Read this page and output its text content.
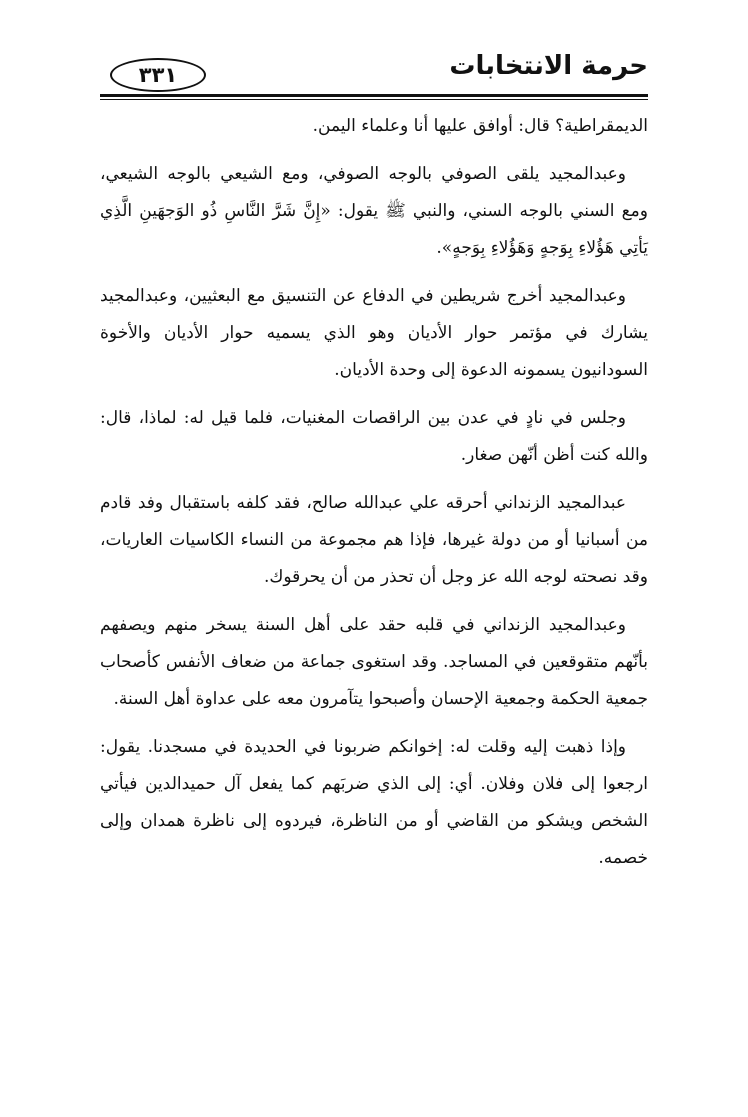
حرمة الانتخابات
٣٣١

الديمقراطية؟ قال: أوافق عليها أنا وعلماء اليمن.

وعبدالمجيد يلقى الصوفي بالوجه الصوفي، ومع الشيعي بالوجه الشيعي، ومع السني بالوجه السني، والنبي ﷺ يقول: «إِنَّ شَرَّ النَّاسِ ذُو الوَجهَينِ الَّذِي يَأتِي هَؤُلاءِ بِوَجهٍ وَهَؤُلاءِ بِوَجهٍ».

وعبدالمجيد أخرج شريطين في الدفاع عن التنسيق مع البعثيين، وعبدالمجيد يشارك في مؤتمر حوار الأديان وهو الذي يسميه حوار الأديان والأخوة السودانيون يسمونه الدعوة إلى وحدة الأديان.

وجلس في نادٍ في عدن بين الراقصات المغنيات، فلما قيل له: لماذا، قال: والله كنت أظن أنّهن صغار.

عبدالمجيد الزنداني أحرقه علي عبدالله صالح، فقد كلفه باستقبال وفد قادم من أسبانيا أو من دولة غيرها، فإذا هم مجموعة من النساء الكاسيات العاريات، وقد نصحته لوجه الله عز وجل أن تحذر من أن يحرقوك.

وعبدالمجيد الزنداني في قلبه حقد على أهل السنة يسخر منهم ويصفهم بأنّهم متقوقعين في المساجد. وقد استغوى جماعة من ضعاف الأنفس كأصحاب جمعية الحكمة وجمعية الإحسان وأصبحوا يتآمرون معه على عداوة أهل السنة.

وإذا ذهبت إليه وقلت له: إخوانكم ضربونا في الحديدة في مسجدنا. يقول: ارجعوا إلى فلان وفلان. أي: إلى الذي ضربَهم كما يفعل آل حميدالدين فيأتي الشخص ويشكو من القاضي أو من الناظرة، فيردوه إلى ناظرة همدان وإلى خصمه.
